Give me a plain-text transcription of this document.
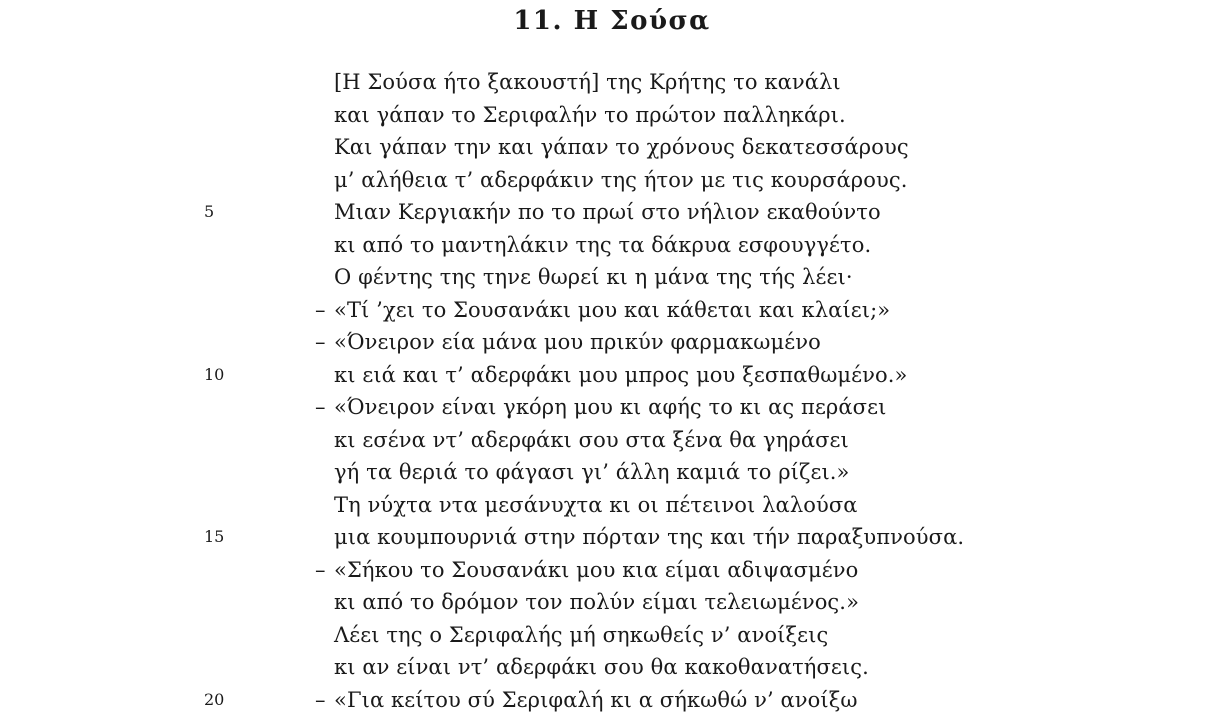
11. Η Σούσα
[Η Σούσα ήτο ξακουστή] της Κρήτης το κανάλι
και γάπαν το Σεριφαλήν το πρώτον παλληκάρι.
Και γάπαν την και γάπαν το χρόνους δεκατεσσάρους
μ’ αλήθεια τ’ αδερφάκιν της ήτον με τις κουρσάρους.
5	Μιαν Κεργιακήν πο το πρωί στο νήλιον εκαθούντο
κι από το μαντηλάκιν της τα δάκρυα εσφουγγέτο.
Ο φέντης της τηνε θωρεί κι η μάνα της τής λέει·
– «Τί ’χει το Σουσανάκι μου και κάθεται και κλαίει;»
– «Όνειρον εία μάνα μου πρικύν φαρμακωμένο
10	κι ειά και τ’ αδερφάκι μου μπρος μου ξεσπαθωμένο.»
– «Όνειρον είναι γκόρη μου κι αφής το κι ας περάσει
κι εσένα ντ’ αδερφάκι σου στα ξένα θα γηράσει
γή τα θεριά το φάγασι γι’ άλλη καμιά το ρίζει.»
Τη νύχτα ντα μεσάνυχτα κι οι πέτεινοι λαλούσα
15	μια κουμπουρνιά στην πόρταν της και τήν παραξυπνούσα.
– «Σήκου το Σουσανάκι μου κια είμαι αδιψασμένο
κι από το δρόμον τον πολύν είμαι τελειωμένος.»
Λέει της ο Σεριφαλής μή σηκωθείς ν’ ανοίξεις
κι αν είναι ντ’ αδερφάκι σου θα κακοθανατήσεις.
20	– «Για κείτου σύ Σεριφαλή κι α σήκωθώ ν’ ανοίξω
